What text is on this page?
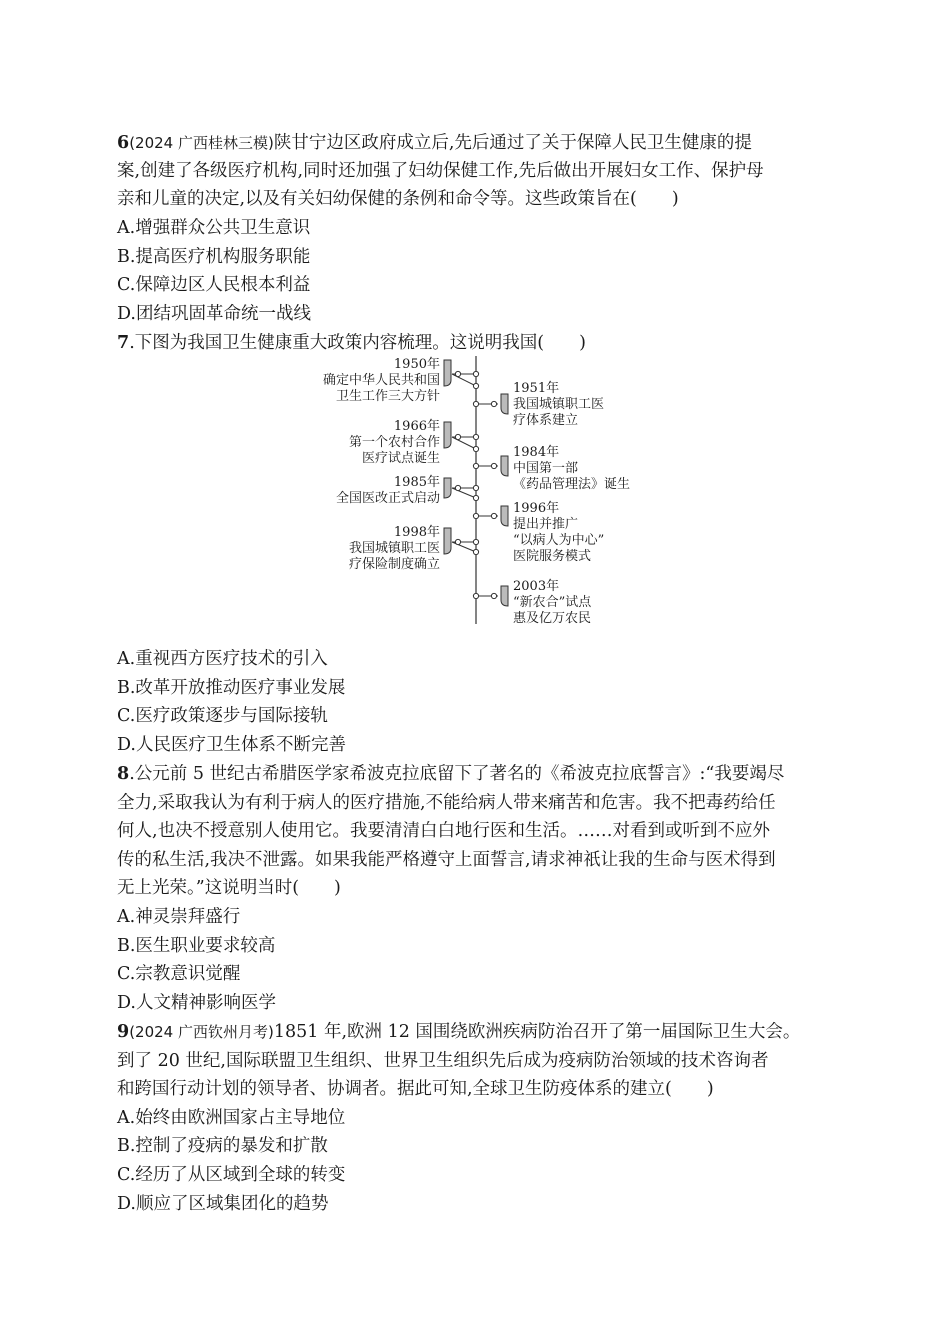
6(2024 广西桂林三模)陕甘宁边区政府成立后,先后通过了关于保障人民卫生健康的提
案,创建了各级医疗机构,同时还加强了妇幼保健工作,先后做出开展妇女工作、保护母
亲和儿童的决定,以及有关妇幼保健的条例和命令等。这些政策旨在(　　)
A.增强群众公共卫生意识
B.提高医疗机构服务职能
C.保障边区人民根本利益
D.团结巩固革命统一战线
7.下图为我国卫生健康重大政策内容梳理。这说明我国(　　)
1950年
确定中华人民共和国
卫生工作三大方针
1966年
第一个农村合作
医疗试点诞生
1985年
全国医改正式启动
1998年
我国城镇职工医
疗保险制度确立
1951年
我国城镇职工医
疗体系建立
1984年
中国第一部
《药品管理法》诞生
1996年
提出并推广
“以病人为中心”
医院服务模式
2003年
“新农合”试点
惠及亿万农民
A.重视西方医疗技术的引入
B.改革开放推动医疗事业发展
C.医疗政策逐步与国际接轨
D.人民医疗卫生体系不断完善
8.公元前 5 世纪古希腊医学家希波克拉底留下了著名的《希波克拉底誓言》:“我要竭尽
全力,采取我认为有利于病人的医疗措施,不能给病人带来痛苦和危害。我不把毒药给任
何人,也决不授意别人使用它。我要清清白白地行医和生活。……对看到或听到不应外
传的私生活,我决不泄露。如果我能严格遵守上面誓言,请求神祇让我的生命与医术得到
无上光荣。”这说明当时(　　)
A.神灵崇拜盛行
B.医生职业要求较高
C.宗教意识觉醒
D.人文精神影响医学
9(2024 广西钦州月考)1851 年,欧洲 12 国围绕欧洲疾病防治召开了第一届国际卫生大会。
到了 20 世纪,国际联盟卫生组织、世界卫生组织先后成为疫病防治领域的技术咨询者
和跨国行动计划的领导者、协调者。据此可知,全球卫生防疫体系的建立(　　)
A.始终由欧洲国家占主导地位
B.控制了疫病的暴发和扩散
C.经历了从区域到全球的转变
D.顺应了区域集团化的趋势
